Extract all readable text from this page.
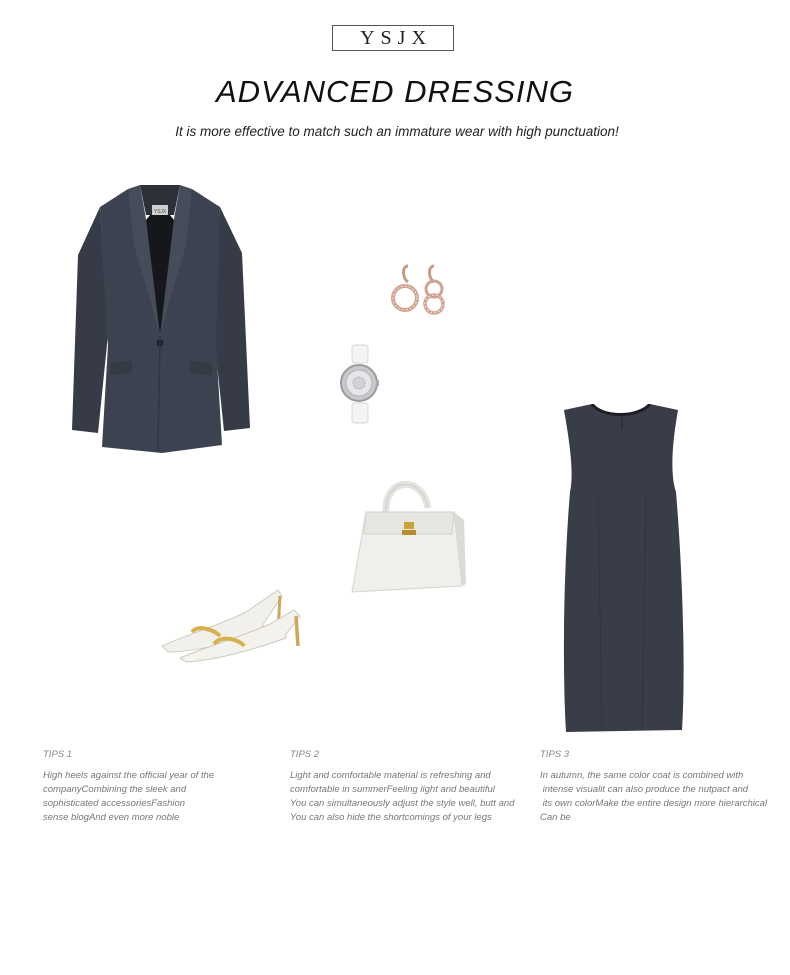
YSJX
ADVANCED DRESSING
It is more effective to match such an immature wear with high punctuation!
YSJX
TIPS 1
High heels against the official year of the
companyCombining the sleek and
sophisticated accessoriesFashion
sense blogAnd even more noble
TIPS 2
Light and comfortable material is refreshing and
comfortable in summerFeeling light and beautiful
You can simultaneously adjust the style well, butt and
You can also hide the shortcomings of your legs
TIPS 3
In autumn, the same color coat is combined with
intense visualit can also produce the nutpact and
its own colorMake the entire design more hierarchical
Can be
